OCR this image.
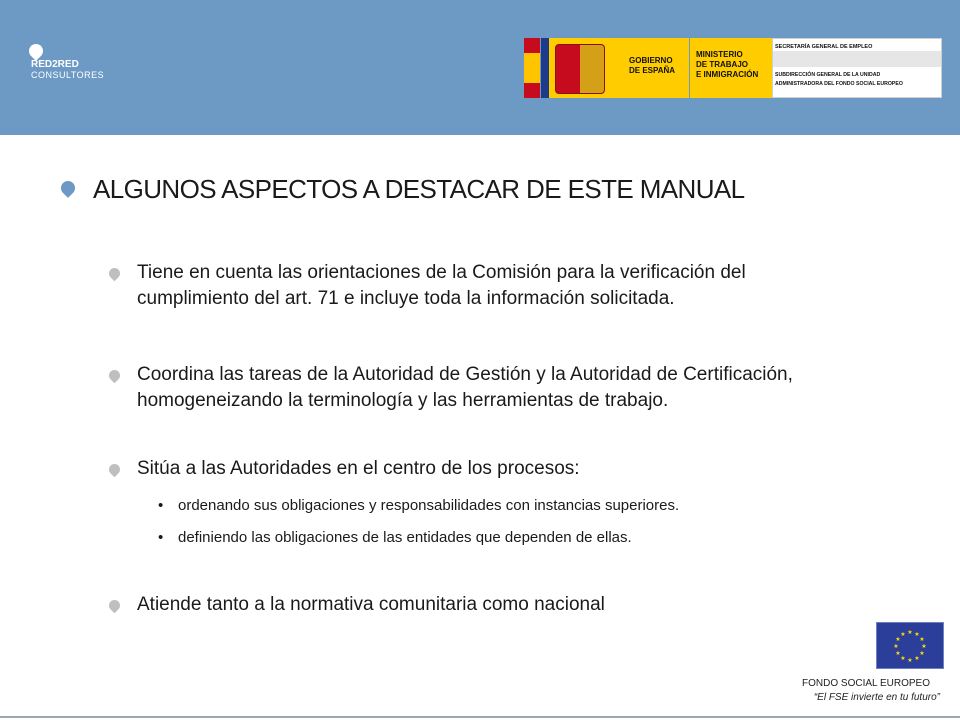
RED2RED
CONSULTORES
GOBIERNO
DE ESPAÑA
MINISTERIO
DE TRABAJO
E INMIGRACIÓN
SECRETARÍA GENERAL DE EMPLEO
SUBDIRECCIÓN GENERAL DE LA UNIDAD
ADMINISTRADORA DEL FONDO SOCIAL EUROPEO
ALGUNOS ASPECTOS A DESTACAR DE ESTE MANUAL
Tiene en cuenta las orientaciones de la Comisión para la verificación del
cumplimiento del art. 71 e incluye toda la información solicitada.
Coordina las tareas de la Autoridad de Gestión y la Autoridad de Certificación,
homogeneizando la terminología y las herramientas de trabajo.
Sitúa a las Autoridades en el centro de los procesos:
• ordenando sus obligaciones y responsabilidades con instancias superiores.
• definiendo las obligaciones de las entidades que dependen de ellas.
Atiende tanto a la normativa comunitaria como nacional
★ ★
★
★
★
★
★
★
★
★
★
★
FONDO SOCIAL EUROPEO
“El FSE invierte en tu futuro”
